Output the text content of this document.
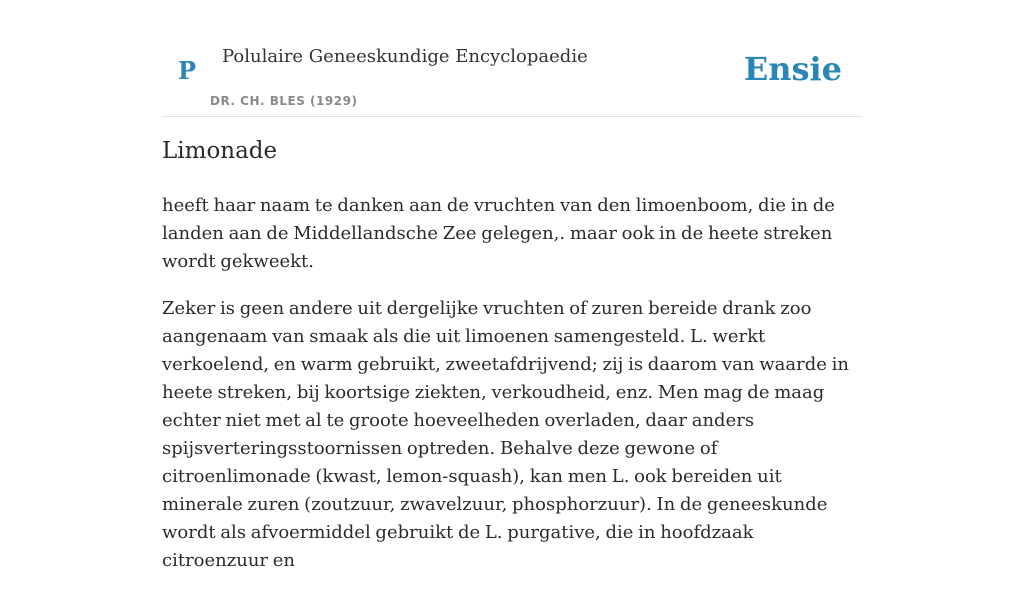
P Polulaire Geneeskundige Encyclopaedie
DR. CH. BLES (1929)
Ensie
Limonade

heeft haar naam te danken aan de vruchten van den limoenboom, die in de landen aan de Middellandsche Zee gelegen,. maar ook in de heete streken wordt gekweekt.

Zeker is geen andere uit dergelijke vruchten of zuren bereide drank zoo aangenaam van smaak als die uit limoenen samengesteld. L. werkt verkoelend, en warm gebruikt, zweetafdrijvend; zij is daarom van waarde in heete streken, bij koortsige ziekten, verkoudheid, enz. Men mag de maag echter niet met al te groote hoeveelheden overladen, daar anders spijsverteringsstoornissen optreden. Behalve deze gewone of citroenlimonade (kwast, lemon-squash), kan men L. ook bereiden uit minerale zuren (zoutzuur, zwavelzuur, phosphorzuur). In de geneeskunde wordt als afvoermiddel gebruikt de L. purgative, die in hoofdzaak citroenzuur en
